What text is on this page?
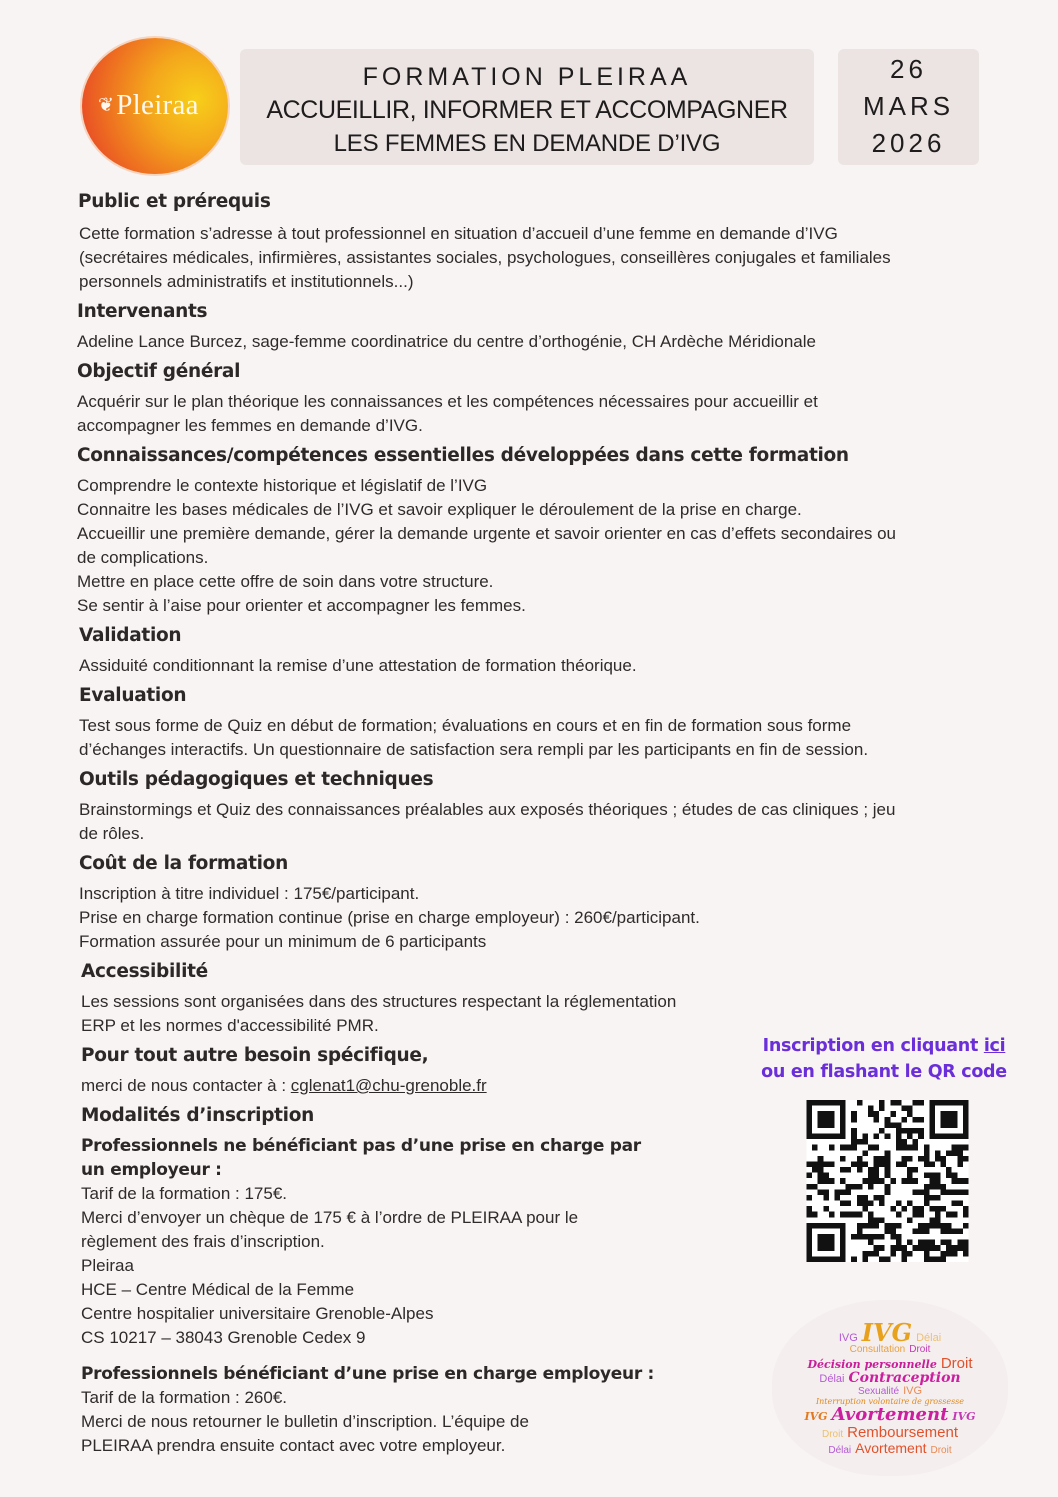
❦Pleiraa
FORMATION PLEIRAA
ACCUEILLIR, INFORMER ET ACCOMPAGNER
LES FEMMES EN DEMANDE D’IVG
26
MARS
2026
Public et prérequis
Cette formation s’adresse à tout professionnel en situation d’accueil d’une femme en demande d’IVG
(secrétaires médicales, infirmières, assistantes sociales, psychologues, conseillères conjugales et familiales
personnels administratifs et institutionnels...)
Intervenants
Adeline Lance Burcez, sage-femme coordinatrice du centre d’orthogénie, CH Ardèche Méridionale
Objectif général
Acquérir sur le plan théorique les connaissances et les compétences nécessaires pour accueillir et
accompagner les femmes en demande d’IVG.
Connaissances/compétences essentielles développées dans cette formation
Comprendre le contexte historique et législatif de l’IVG
Connaitre les bases médicales de l’IVG et savoir expliquer le déroulement de la prise en charge.
Accueillir une première demande, gérer la demande urgente et savoir orienter en cas d’effets secondaires ou
de complications.
Mettre en place cette offre de soin dans votre structure.
Se sentir à l’aise pour orienter et accompagner les femmes.
Validation
Assiduité conditionnant la remise d’une attestation de formation théorique.
Evaluation
Test sous forme de Quiz en début de formation; évaluations en cours et en fin de formation sous forme
d’échanges interactifs. Un questionnaire de satisfaction sera rempli par les participants en fin de session.
Outils pédagogiques et techniques
Brainstormings et Quiz des connaissances préalables aux exposés théoriques ; études de cas cliniques ; jeu
de rôles.
Coût de la formation
Inscription à titre individuel : 175€/participant.
Prise en charge formation continue (prise en charge employeur) : 260€/participant.
Formation assurée pour un minimum de 6 participants
Accessibilité
Les sessions sont organisées dans des structures respectant la réglementation
ERP et les normes d'accessibilité PMR.
Pour tout autre besoin spécifique,
merci de nous contacter à : cglenat1@chu-grenoble.fr
Modalités d’inscription
Professionnels ne bénéficiant pas d’une prise en charge par
un employeur :
Tarif de la formation : 175€.
Merci d’envoyer un chèque de 175 € à l’ordre de PLEIRAA pour le
règlement des frais d’inscription.
Pleiraa
HCE – Centre Médical de la Femme
Centre hospitalier universitaire Grenoble-Alpes
CS 10217 – 38043 Grenoble Cedex 9
Professionnels bénéficiant d’une prise en charge employeur :
Tarif de la formation : 260€.
Merci de nous retourner le bulletin d’inscription. L’équipe de
PLEIRAA prendra ensuite contact avec votre employeur.
Inscription en cliquant ici
ou en flashant le QR code
IVG IVG Délai
Consultation Droit
Décision personnelle Droit
Délai Contraception
Sexualité IVG
Interruption volontaire de grossesse
IVG Avortement IVG
Droit Remboursement
Délai Avortement Droit
